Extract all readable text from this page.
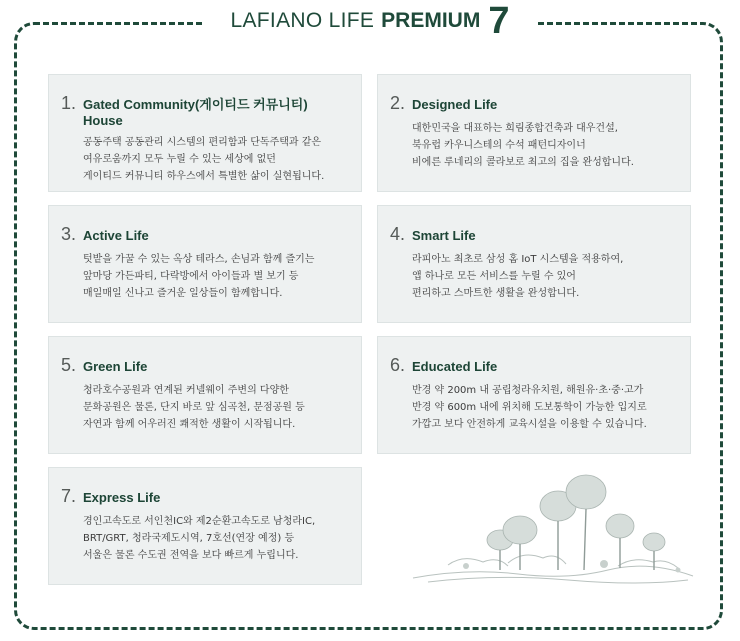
LAFIANO LIFE PREMIUM 7
1. Gated Community(게이티드 커뮤니티) House
공동주택 공동관리 시스템의 편리함과 단독주택과 같은
여유로움까지 모두 누릴 수 있는 세상에 없던
게이티드 커뮤니티 하우스에서 특별한 삶이 실현됩니다.
2. Designed Life
대한민국을 대표하는 희림종합건축과 대우건설,
북유럽 카우니스테의 수석 패턴디자이너
비에른 루네리의 콜라보로 최고의 집을 완성합니다.
3. Active Life
텃밭을 가꿀 수 있는 옥상 테라스, 손님과 함께 즐기는
앞마당 가든파티, 다락방에서 아이들과 별 보기 등
매일매일 신나고 즐거운 일상들이 함께합니다.
4. Smart Life
라피아노 최초로 삼성 홈 IoT 시스템을 적용하여,
앱 하나로 모든 서비스를 누릴 수 있어
편리하고 스마트한 생활을 완성합니다.
5. Green Life
청라호수공원과 연계된 커넬웨이 주변의 다양한
문화공원은 물론, 단지 바로 앞 심곡천, 문점공원 등
자연과 함께 어우러진 쾌적한 생활이 시작됩니다.
6. Educated Life
반경 약 200m 내 공립청라유치원, 해원유·초·중·고가
반경 약 600m 내에 위치해 도보통학이 가능한 입지로
가깝고 보다 안전하게 교육시설을 이용할 수 있습니다.
7. Express Life
경인고속도로 서인천IC와 제2순환고속도로 남청라IC,
BRT/GRT, 청라국제도시역, 7호선(연장 예정) 등
서울은 물론 수도권 전역을 보다 빠르게 누립니다.
